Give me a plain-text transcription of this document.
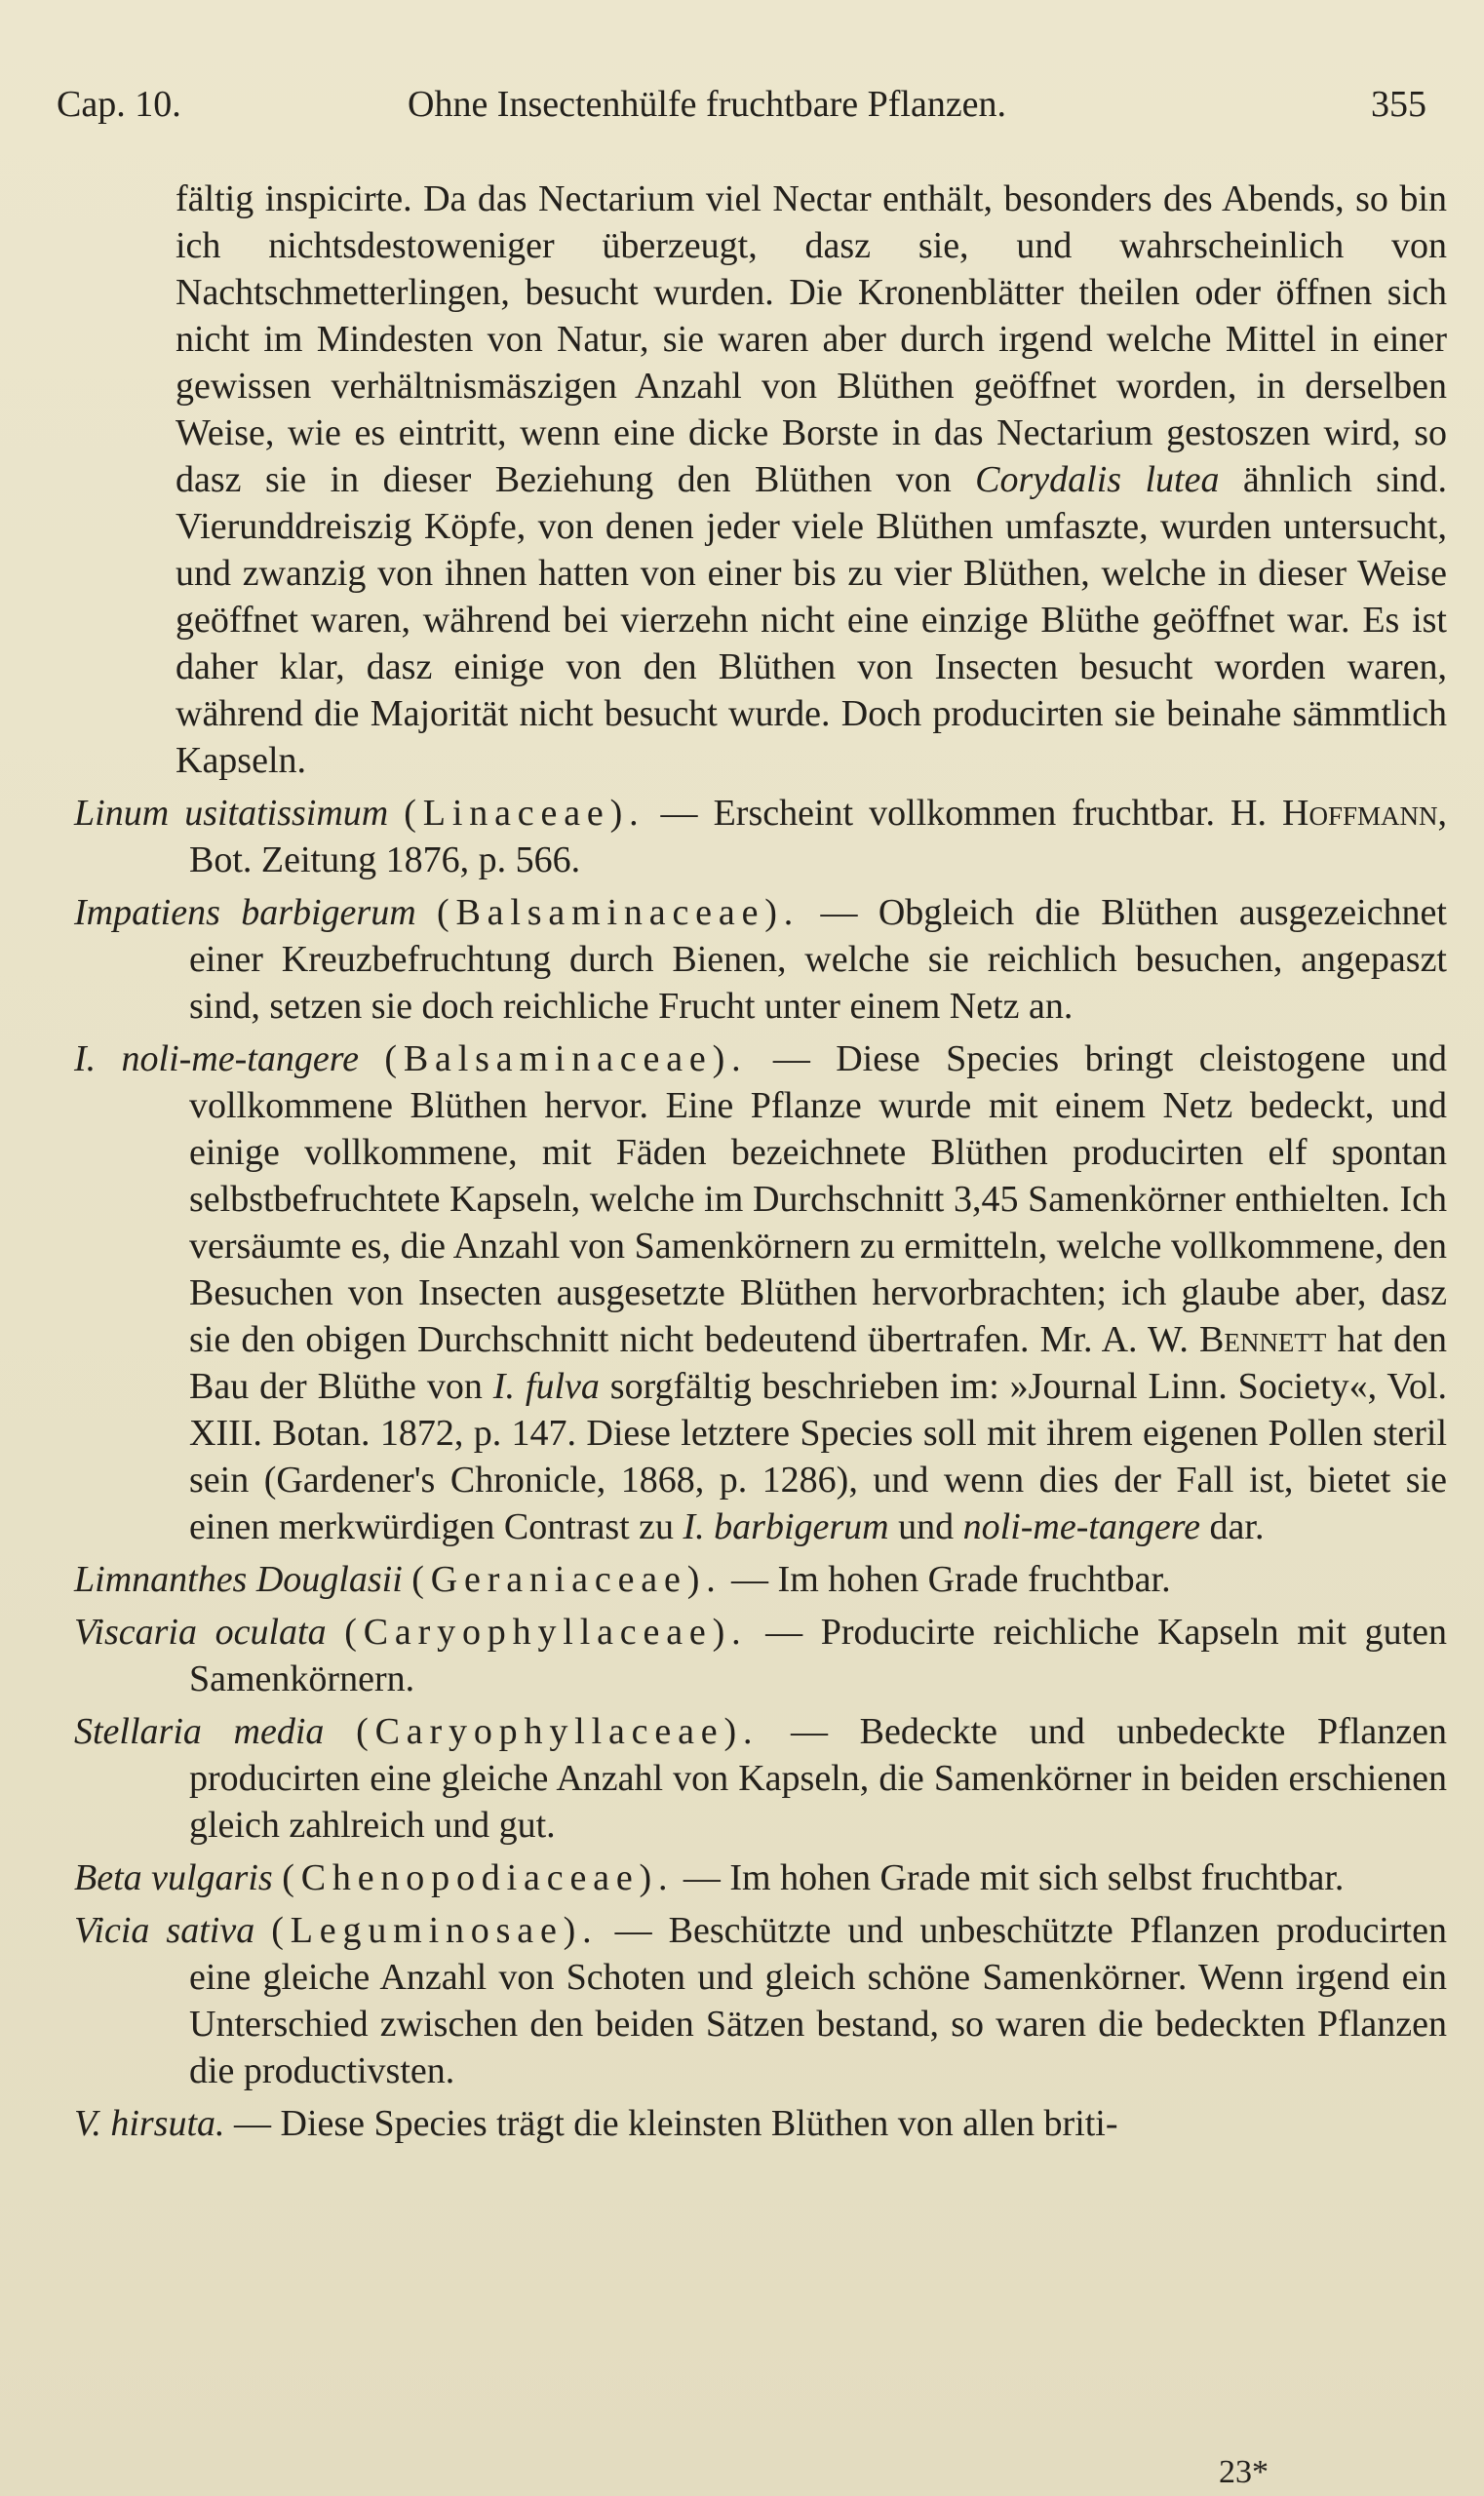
Cap. 10.	Ohne Insectenhülfe fruchtbare Pflanzen.	355

fältig inspicirte. Da das Nectarium viel Nectar enthält, besonders des Abends, so bin ich nichtsdestoweniger überzeugt, dasz sie, und wahrscheinlich von Nachtschmetterlingen, besucht wurden. Die Kronenblätter theilen oder öffnen sich nicht im Mindesten von Natur, sie waren aber durch irgend welche Mittel in einer gewissen verhältnismäszigen Anzahl von Blüthen geöffnet worden, in derselben Weise, wie es eintritt, wenn eine dicke Borste in das Nectarium gestoszen wird, so dasz sie in dieser Beziehung den Blüthen von Corydalis lutea ähnlich sind. Vierunddreiszig Köpfe, von denen jeder viele Blüthen umfaszte, wurden untersucht, und zwanzig von ihnen hatten von einer bis zu vier Blüthen, welche in dieser Weise geöffnet waren, während bei vierzehn nicht eine einzige Blüthe geöffnet war. Es ist daher klar, dasz einige von den Blüthen von Insecten besucht worden waren, während die Majorität nicht besucht wurde. Doch producirten sie beinahe sämmtlich Kapseln.

Linum usitatissimum (Linaceae). — Erscheint vollkommen fruchtbar. H. Hoffmann, Bot. Zeitung 1876, p. 566.

Impatiens barbigerum (Balsaminaceae). — Obgleich die Blüthen ausgezeichnet einer Kreuzbefruchtung durch Bienen, welche sie reichlich besuchen, angepaszt sind, setzen sie doch reichliche Frucht unter einem Netz an.

I. noli-me-tangere (Balsaminaceae). — Diese Species bringt cleistogene und vollkommene Blüthen hervor. Eine Pflanze wurde mit einem Netz bedeckt, und einige vollkommene, mit Fäden bezeichnete Blüthen producirten elf spontan selbstbefruchtete Kapseln, welche im Durchschnitt 3,45 Samenkörner enthielten. Ich versäumte es, die Anzahl von Samenkörnern zu ermitteln, welche vollkommene, den Besuchen von Insecten ausgesetzte Blüthen hervorbrachten; ich glaube aber, dasz sie den obigen Durchschnitt nicht bedeutend übertrafen. Mr. A. W. Bennett hat den Bau der Blüthe von I. fulva sorgfältig beschrieben im: »Journal Linn. Society«, Vol. XIII. Botan. 1872, p. 147. Diese letztere Species soll mit ihrem eigenen Pollen steril sein (Gardener's Chronicle, 1868, p. 1286), und wenn dies der Fall ist, bietet sie einen merkwürdigen Contrast zu I. barbigerum und noli-me-tangere dar.

Limnanthes Douglasii (Geraniaceae). — Im hohen Grade fruchtbar.

Viscaria oculata (Caryophyllaceae). — Producirte reichliche Kapseln mit guten Samenkörnern.

Stellaria media (Caryophyllaceae). — Bedeckte und unbedeckte Pflanzen producirten eine gleiche Anzahl von Kapseln, die Samenkörner in beiden erschienen gleich zahlreich und gut.

Beta vulgaris (Chenopodiaceae). — Im hohen Grade mit sich selbst fruchtbar.

Vicia sativa (Leguminosae). — Beschützte und unbeschützte Pflanzen producirten eine gleiche Anzahl von Schoten und gleich schöne Samenkörner. Wenn irgend ein Unterschied zwischen den beiden Sätzen bestand, so waren die bedeckten Pflanzen die productivsten.

V. hirsuta. — Diese Species trägt die kleinsten Blüthen von allen briti-

23*
